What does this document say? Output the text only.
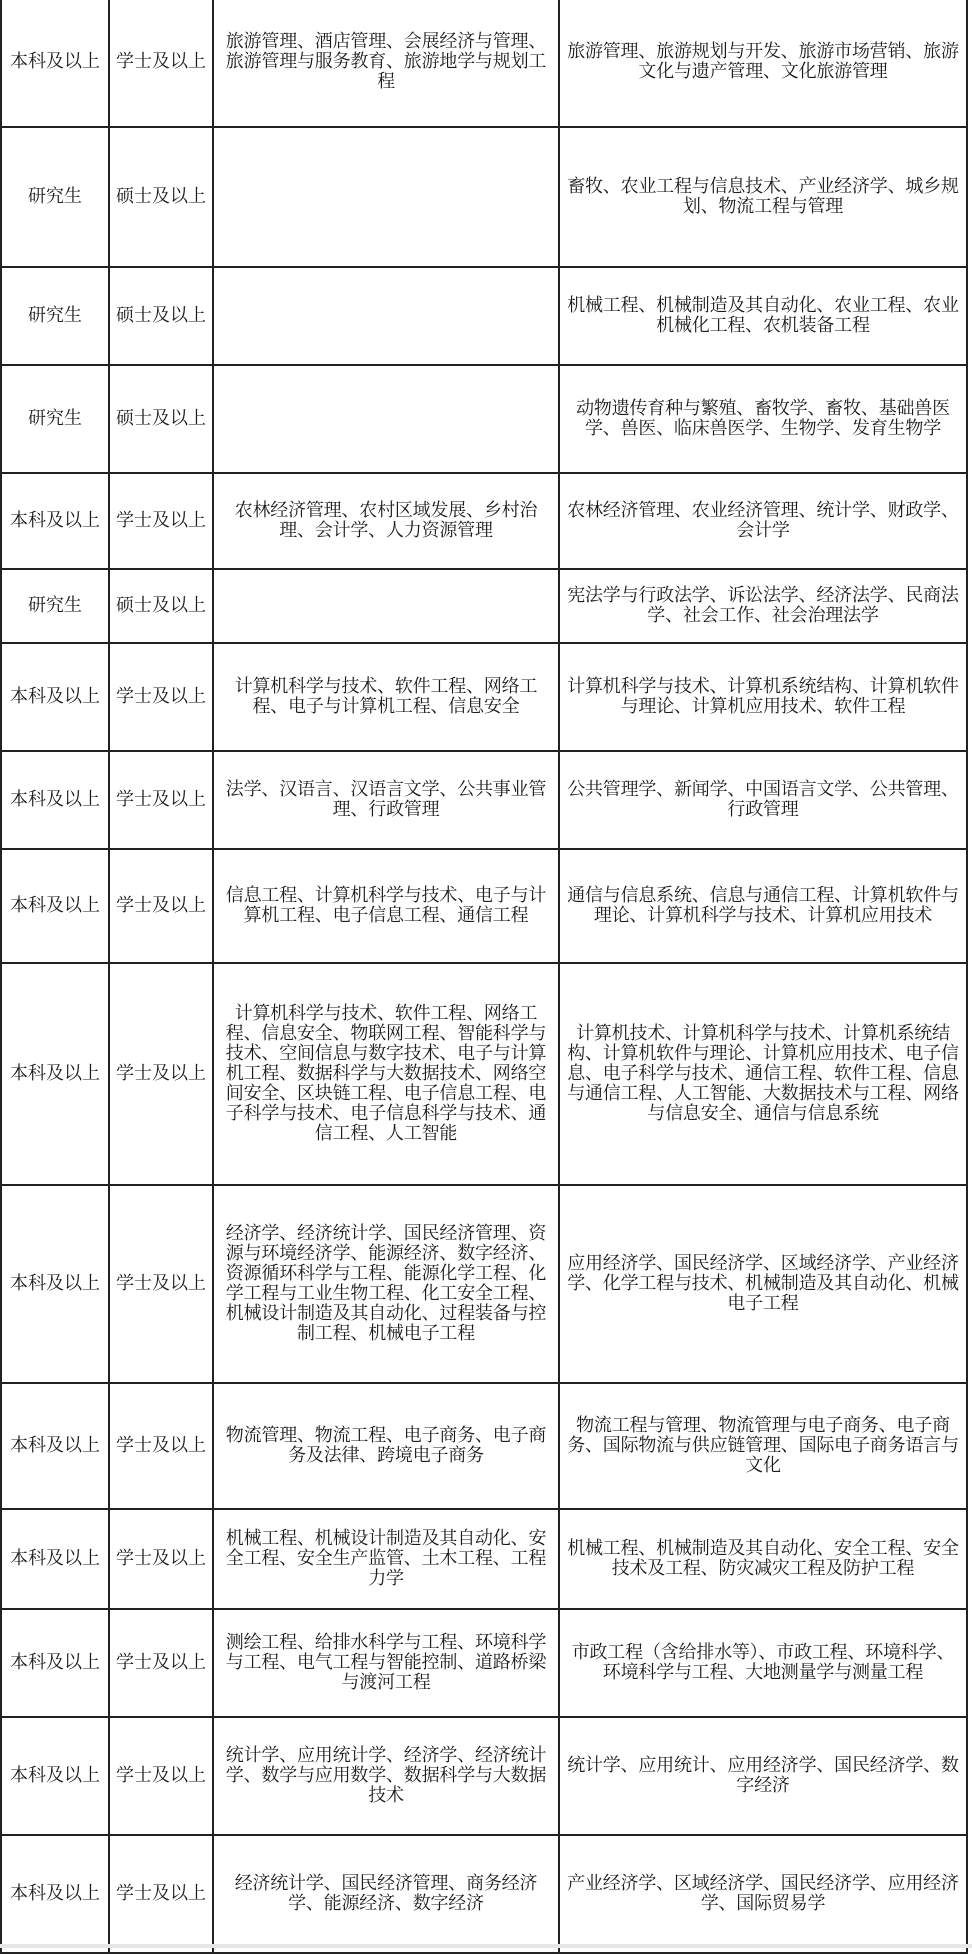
本科及以上	学士及以上	旅游管理、酒店管理、会展经济与管理、旅游管理与服务教育、旅游地学与规划工程	旅游管理、旅游规划与开发、旅游市场营销、旅游文化与遗产管理、文化旅游管理
研究生	硕士及以上		畜牧、农业工程与信息技术、产业经济学、城乡规划、物流工程与管理
研究生	硕士及以上		机械工程、机械制造及其自动化、农业工程、农业机械化工程、农机装备工程
研究生	硕士及以上		动物遗传育种与繁殖、畜牧学、畜牧、基础兽医学、兽医、临床兽医学、生物学、发育生物学
本科及以上	学士及以上	农林经济管理、农村区域发展、乡村治理、会计学、人力资源管理	农林经济管理、农业经济管理、统计学、财政学、会计学
研究生	硕士及以上		宪法学与行政法学、诉讼法学、经济法学、民商法学、社会工作、社会治理法学
本科及以上	学士及以上	计算机科学与技术、软件工程、网络工程、电子与计算机工程、信息安全	计算机科学与技术、计算机系统结构、计算机软件与理论、计算机应用技术、软件工程
本科及以上	学士及以上	法学、汉语言、汉语言文学、公共事业管理、行政管理	公共管理学、新闻学、中国语言文学、公共管理、行政管理
本科及以上	学士及以上	信息工程、计算机科学与技术、电子与计算机工程、电子信息工程、通信工程	通信与信息系统、信息与通信工程、计算机软件与理论、计算机科学与技术、计算机应用技术
本科及以上	学士及以上	计算机科学与技术、软件工程、网络工程、信息安全、物联网工程、智能科学与技术、空间信息与数字技术、电子与计算机工程、数据科学与大数据技术、网络空间安全、区块链工程、电子信息工程、电子科学与技术、电子信息科学与技术、通信工程、人工智能	计算机技术、计算机科学与技术、计算机系统结构、计算机软件与理论、计算机应用技术、电子信息、电子科学与技术、通信工程、软件工程、信息与通信工程、人工智能、大数据技术与工程、网络与信息安全、通信与信息系统
本科及以上	学士及以上	经济学、经济统计学、国民经济管理、资源与环境经济学、能源经济、数字经济、资源循环科学与工程、能源化学工程、化学工程与工业生物工程、化工安全工程、机械设计制造及其自动化、过程装备与控制工程、机械电子工程	应用经济学、国民经济学、区域经济学、产业经济学、化学工程与技术、机械制造及其自动化、机械电子工程
本科及以上	学士及以上	物流管理、物流工程、电子商务、电子商务及法律、跨境电子商务	物流工程与管理、物流管理与电子商务、电子商务、国际物流与供应链管理、国际电子商务语言与文化
本科及以上	学士及以上	机械工程、机械设计制造及其自动化、安全工程、安全生产监管、土木工程、工程力学	机械工程、机械制造及其自动化、安全工程、安全技术及工程、防灾减灾工程及防护工程
本科及以上	学士及以上	测绘工程、给排水科学与工程、环境科学与工程、电气工程与智能控制、道路桥梁与渡河工程	市政工程（含给排水等）、市政工程、环境科学、环境科学与工程、大地测量学与测量工程
本科及以上	学士及以上	统计学、应用统计学、经济学、经济统计学、数学与应用数学、数据科学与大数据技术	统计学、应用统计、应用经济学、国民经济学、数字经济
本科及以上	学士及以上	经济统计学、国民经济管理、商务经济学、能源经济、数字经济	产业经济学、区域经济学、国民经济学、应用经济学、国际贸易学
